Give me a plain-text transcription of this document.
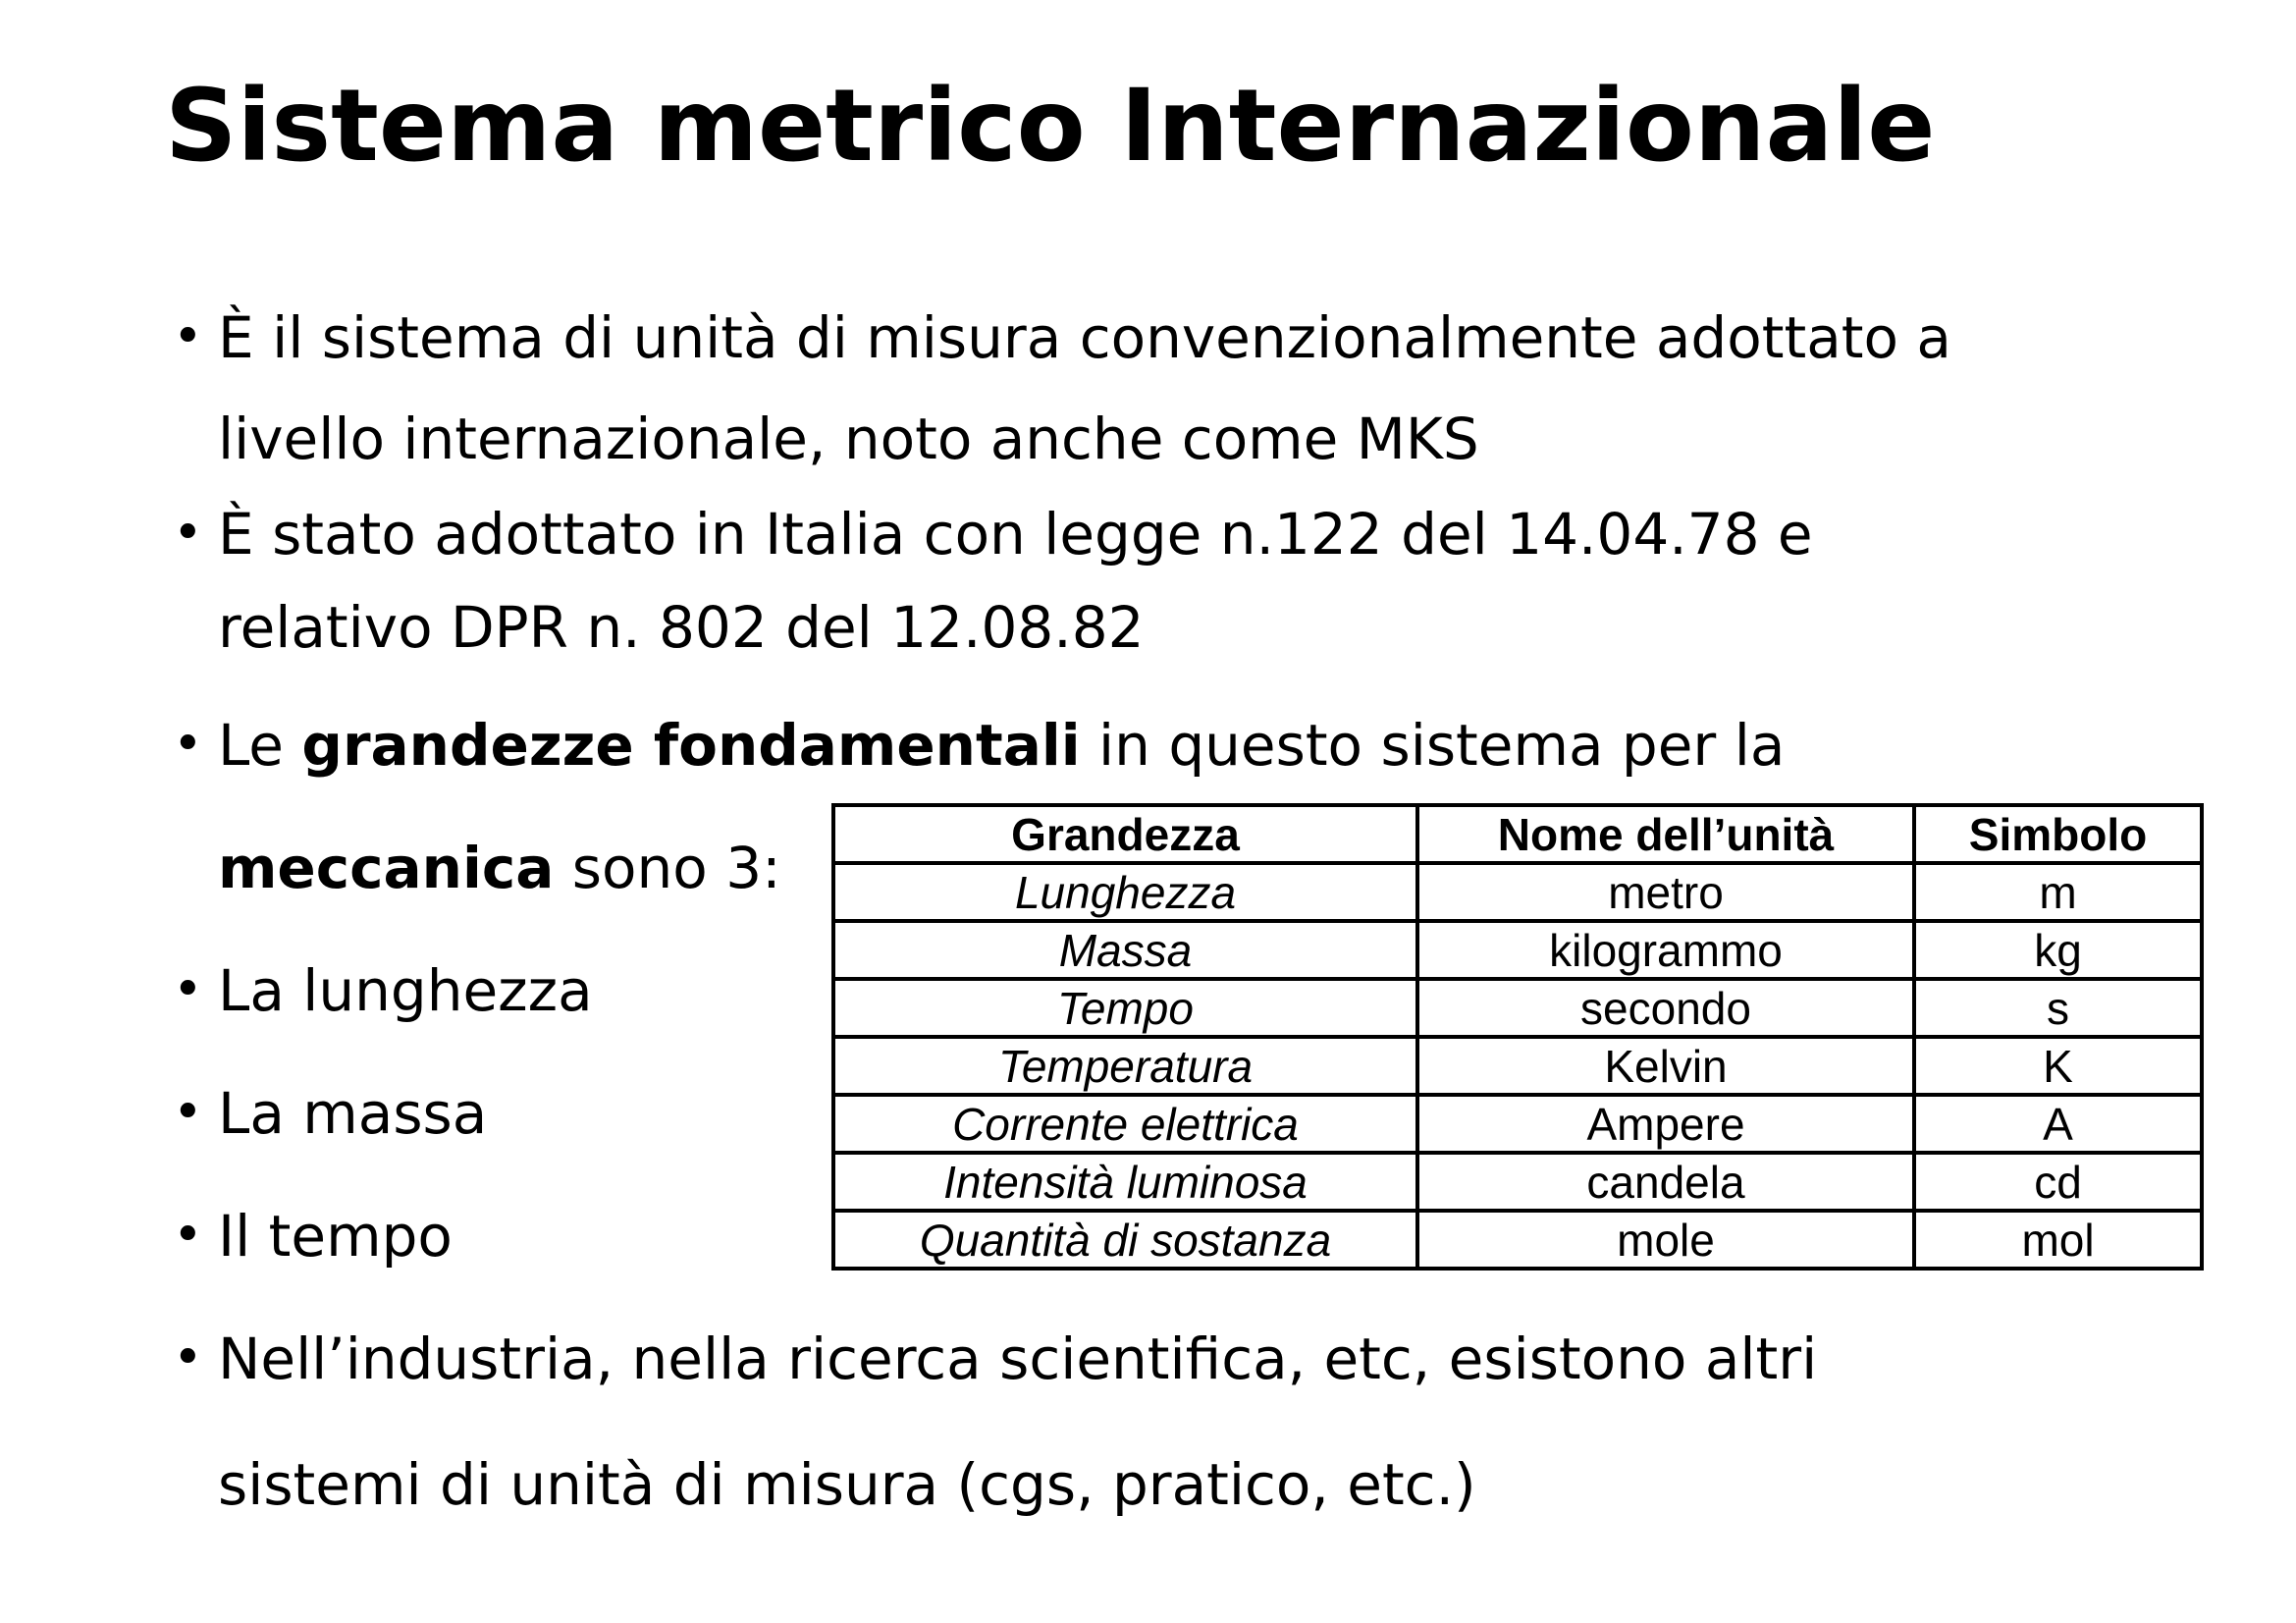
Sistema metrico Internazionale
• È il sistema di unità di misura convenzionalmente adottato a
livello internazionale, noto anche come MKS
• È stato adottato in Italia con legge n.122 del 14.04.78 e
relativo DPR n. 802 del 12.08.82
• Le grandezze fondamentali in questo sistema per la
meccanica sono 3:
• La lunghezza
• La massa
• Il tempo
• Nell’industria, nella ricerca scientifica, etc, esistono altri
sistemi di unità di misura (cgs, pratico, etc.)
Grandezza	Nome dell’unità	Simbolo
Lunghezza	metro	m
Massa	kilogrammo	kg
Tempo	secondo	s
Temperatura	Kelvin	K
Corrente elettrica	Ampere	A
Intensità luminosa	candela	cd
Quantità di sostanza	mole	mol
